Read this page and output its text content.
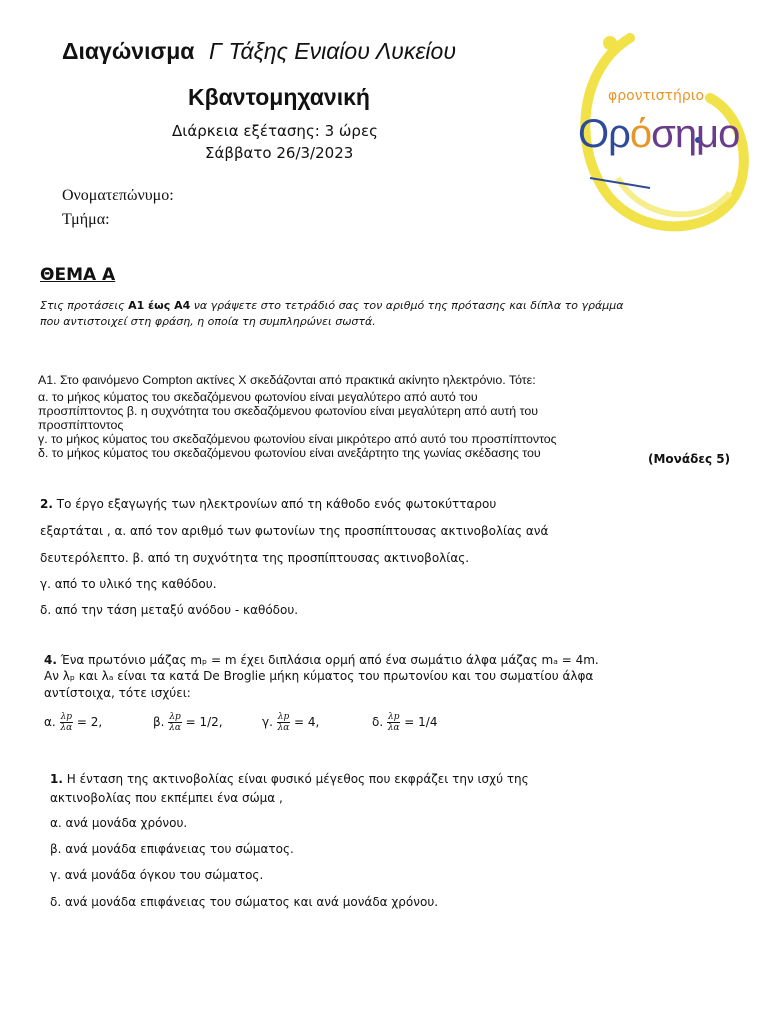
Διαγώνισμα Γ Τάξης Ενιαίου Λυκείου
Κβαντομηχανική
Διάρκεια εξέτασης: 3 ώρες
Σάββατο 26/3/2023
Ονοματεπώνυμο:
Τμήμα:
φροντιστήριο
Ορόσημο
ΘΕΜΑ Α
Στις προτάσεις Α1 έως Α4 να γράψετε στο τετράδιό σας τον αριθμό της πρότασης και δίπλα το γράμμα που αντιστοιχεί στη φράση, η οποία τη συμπληρώνει σωστά.
Α1. Στο φαινόμενο Compton ακτίνες Χ σκεδάζονται από πρακτικά ακίνητο ηλεκτρόνιο. Τότε:
α. το μήκος κύματος του σκεδαζόμενου φωτονίου είναι μεγαλύτερο από αυτό του
προσπίπτοντος β. η συχνότητα του σκεδαζόμενου φωτονίου είναι μεγαλύτερη από αυτή του
προσπίπτοντος
γ. το μήκος κύματος του σκεδαζόμενου φωτονίου είναι μικρότερο από αυτό του προσπίπτοντος
δ. το μήκος κύματος του σκεδαζόμενου φωτονίου είναι ανεξάρτητο της γωνίας σκέδασης του	(Μονάδες 5)
2. Το έργο εξαγωγής των ηλεκτρονίων από τη κάθοδο ενός φωτοκύτταρου
εξαρτάται , α. από τον αριθμό των φωτονίων της προσπίπτουσας ακτινοβολίας ανά
δευτερόλεπτο. β. από τη συχνότητα της προσπίπτουσας ακτινοβολίας.
γ. από το υλικό της καθόδου.
δ. από την τάση μεταξύ ανόδου - καθόδου.
4. Ένα πρωτόνιο μάζας mₚ = m έχει διπλάσια ορμή από ένα σωμάτιο άλφα μάζας mₐ = 4m.
Αν λₚ και λₐ είναι τα κατά De Broglie μήκη κύματος του πρωτονίου και του σωματίου άλφα
αντίστοιχα, τότε ισχύει:
α. $\frac{\lambda p}{\lambda\alpha} = 2$,	β. $\frac{\lambda p}{\lambda\alpha} = 1/2$,	γ. $\frac{\lambda p}{\lambda\alpha} = 4$,	δ. $\frac{\lambda p}{\lambda\alpha} = 1/4$
1. Η ένταση της ακτινοβολίας είναι φυσικό μέγεθος που εκφράζει την ισχύ της
ακτινοβολίας που εκπέμπει ένα σώμα ,
α. ανά μονάδα χρόνου.
β. ανά μονάδα επιφάνειας του σώματος.
γ. ανά μονάδα όγκου του σώματος.
δ. ανά μονάδα επιφάνειας του σώματος και ανά μονάδα χρόνου.
